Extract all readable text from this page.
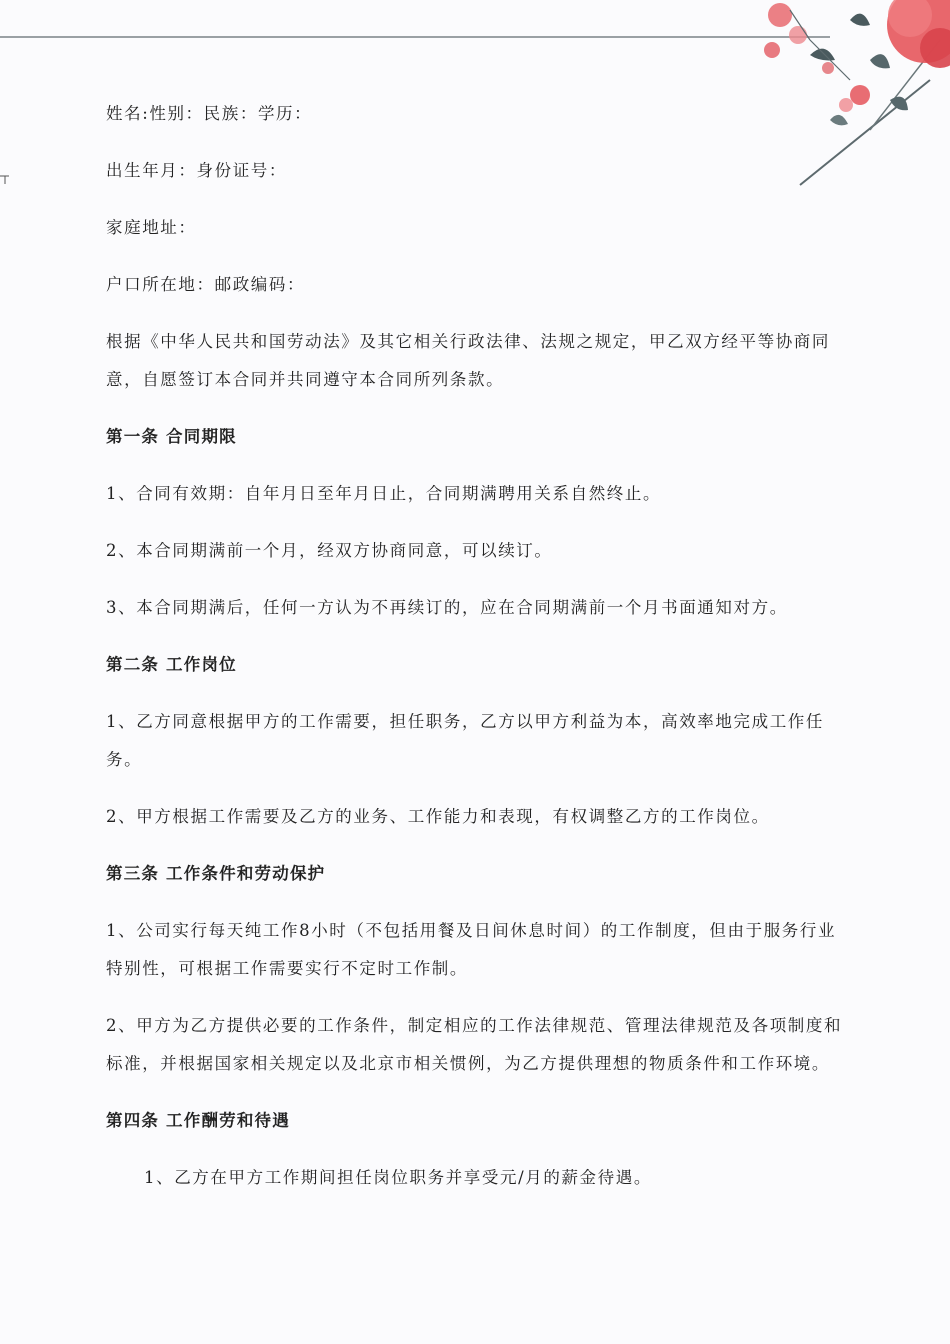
姓名:性别：民族：学历：

出生年月：身份证号：

家庭地址：

户口所在地：邮政编码：

根据《中华人民共和国劳动法》及其它相关行政法律、法规之规定，甲乙双方经平等协商同意，自愿签订本合同并共同遵守本合同所列条款。

第一条 合同期限

1、合同有效期：自年月日至年月日止，合同期满聘用关系自然终止。

2、本合同期满前一个月，经双方协商同意，可以续订。

3、本合同期满后，任何一方认为不再续订的，应在合同期满前一个月书面通知对方。

第二条 工作岗位

1、乙方同意根据甲方的工作需要，担任职务，乙方以甲方利益为本，高效率地完成工作任务。

2、甲方根据工作需要及乙方的业务、工作能力和表现，有权调整乙方的工作岗位。

第三条 工作条件和劳动保护

1、公司实行每天纯工作8小时（不包括用餐及日间休息时间）的工作制度，但由于服务行业特别性，可根据工作需要实行不定时工作制。

2、甲方为乙方提供必要的工作条件，制定相应的工作法律规范、管理法律规范及各项制度和标准，并根据国家相关规定以及北京市相关惯例，为乙方提供理想的物质条件和工作环境。

第四条 工作酬劳和待遇

1、乙方在甲方工作期间担任岗位职务并享受元/月的薪金待遇。
